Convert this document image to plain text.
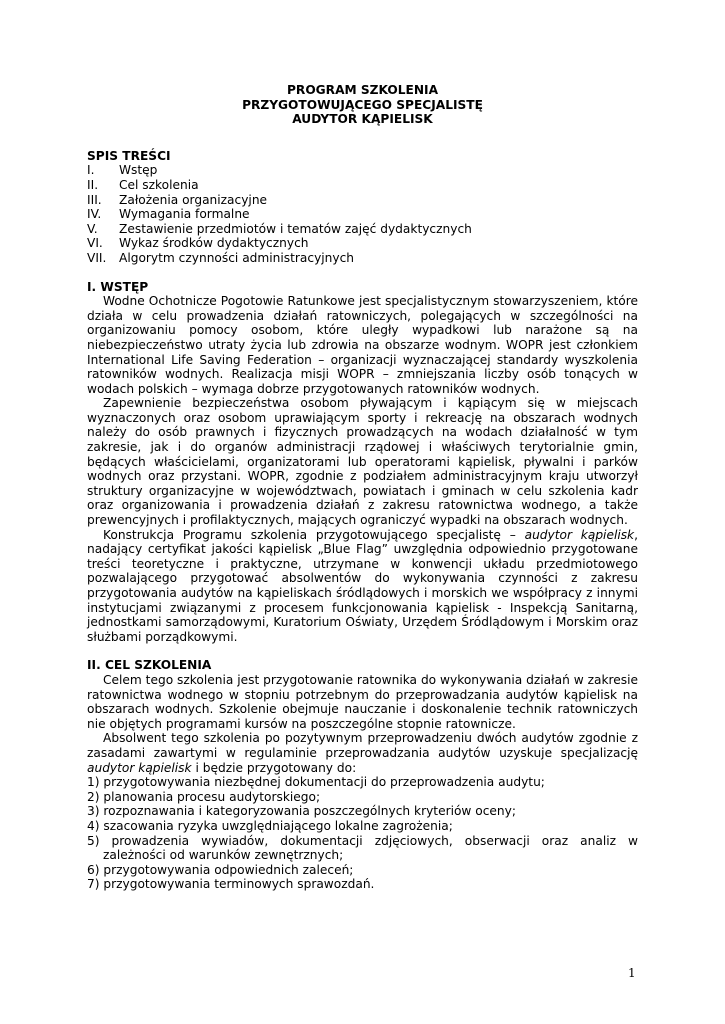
PROGRAM SZKOLENIA
PRZYGOTOWUJĄCEGO SPECJALISTĘ
AUDYTOR KĄPIELISK
SPIS TREŚCI
I.	Wstęp
II.	Cel szkolenia
III.	Założenia organizacyjne
IV.	Wymagania formalne
V.	Zestawienie przedmiotów i tematów zajęć dydaktycznych
VI.	Wykaz środków dydaktycznych
VII.	Algorytm czynności administracyjnych
I. WSTĘP

Wodne Ochotnicze Pogotowie Ratunkowe jest specjalistycznym stowarzyszeniem, które działa w celu prowadzenia działań ratowniczych, polegających w szczególności na organizowaniu pomocy osobom, które uległy wypadkowi lub narażone są na niebezpieczeństwo utraty życia lub zdrowia na obszarze wodnym. WOPR jest członkiem International Life Saving Federation – organizacji wyznaczającej standardy wyszkolenia ratowników wodnych. Realizacja misji WOPR – zmniejszania liczby osób tonących w wodach polskich – wymaga dobrze przygotowanych ratowników wodnych.

Zapewnienie bezpieczeństwa osobom pływającym i kąpiącym się w miejscach wyznaczonych oraz osobom uprawiającym sporty i rekreację na obszarach wodnych należy do osób prawnych i fizycznych prowadzących na wodach działalność w tym zakresie, jak i do organów administracji rządowej i właściwych terytorialnie gmin, będących właścicielami, organizatorami lub operatorami kąpielisk, pływalni i parków wodnych oraz przystani. WOPR, zgodnie z podziałem administracyjnym kraju utworzył struktury organizacyjne w województwach, powiatach i gminach w celu szkolenia kadr oraz organizowania i prowadzenia działań z zakresu ratownictwa wodnego, a także prewencyjnych i profilaktycznych, mających ograniczyć wypadki na obszarach wodnych.

Konstrukcja Programu szkolenia przygotowującego specjalistę – audytor kąpielisk, nadający certyfikat jakości kąpielisk „Blue Flag” uwzględnia odpowiednio przygotowane treści teoretyczne i praktyczne, utrzymane w konwencji układu przedmiotowego pozwalającego przygotować absolwentów do wykonywania czynności z zakresu przygotowania audytów na kąpieliskach śródlądowych i morskich we współpracy z innymi instytucjami związanymi z procesem funkcjonowania kąpielisk - Inspekcją Sanitarną, jednostkami samorządowymi, Kuratorium Oświaty, Urzędem Śródlądowym i Morskim oraz służbami porządkowymi.

II. CEL SZKOLENIA

Celem tego szkolenia jest przygotowanie ratownika do wykonywania działań w zakresie ratownictwa wodnego w stopniu potrzebnym do przeprowadzania audytów kąpielisk na obszarach wodnych. Szkolenie obejmuje nauczanie i doskonalenie technik ratowniczych nie objętych programami kursów na poszczególne stopnie ratownicze.

Absolwent tego szkolenia po pozytywnym przeprowadzeniu dwóch audytów zgodnie z zasadami zawartymi w regulaminie przeprowadzania audytów uzyskuje specjalizację audytor kąpielisk i będzie przygotowany do:

1) przygotowywania niezbędnej dokumentacji do przeprowadzenia audytu;
2) planowania procesu audytorskiego;
3) rozpoznawania i kategoryzowania poszczególnych kryteriów oceny;
4) szacowania ryzyka uwzględniającego lokalne zagrożenia;
5) prowadzenia wywiadów, dokumentacji zdjęciowych, obserwacji oraz analiz w zależności od warunków zewnętrznych;
6) przygotowywania odpowiednich zaleceń;
7) przygotowywania terminowych sprawozdań.
1
